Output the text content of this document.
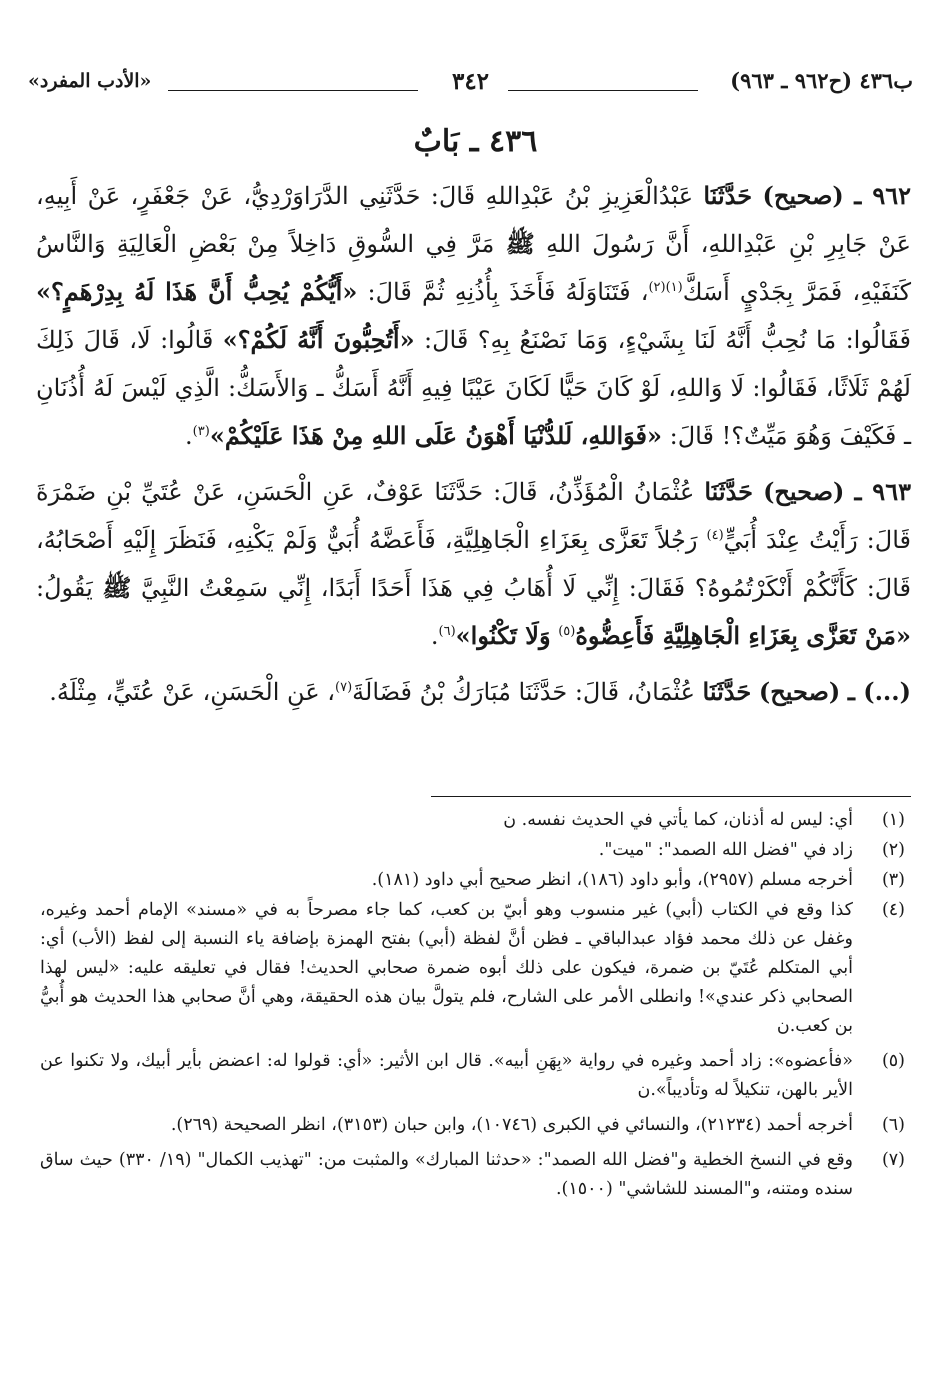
ب٤٣٦ (ح٩٦٢ ـ ٩٦٣)
٣٤٢
«الأدب المفرد»
٤٣٦ ـ بَابٌ

٩٦٢ ـ (صحيح) حَدَّثَنَا عَبْدُالْعَزِيزِ بْنُ عَبْدِاللهِ قَالَ: حَدَّثَنِي الدَّرَاوَرْدِيُّ، عَنْ جَعْفَرٍ، عَنْ أَبِيهِ، عَنْ جَابِرِ بْنِ عَبْدِاللهِ، أَنَّ رَسُولَ اللهِ ﷺ مَرَّ فِي السُّوقِ دَاخِلاً مِنْ بَعْضِ الْعَالِيَةِ وَالنَّاسُ كَنَفَيْهِ، فَمَرَّ بِجَدْيٍ أَسَكَّ$^{(١)(٢)}$، فَتَنَاوَلَهُ فَأَخَذَ بِأُذُنِهِ ثُمَّ قَالَ: «أَيُّكُمْ يُحِبُّ أَنَّ هَذَا لَهُ بِدِرْهَمٍ؟» فَقَالُوا: مَا نُحِبُّ أَنَّهُ لَنَا بِشَيْءٍ، وَمَا نَصْنَعُ بِهِ؟ قَالَ: «أَتُحِبُّونَ أَنَّهُ لَكُمْ؟» قَالُوا: لَا، قَالَ ذَلِكَ لَهُمْ ثَلَاثًا، فَقَالُوا: لَا وَاللهِ، لَوْ كَانَ حَيًّا لَكَانَ عَيْبًا فِيهِ أَنَّهُ أَسَكُّ ـ وَالأَسَكُّ: الَّذِي لَيْسَ لَهُ أُذُنَانِ ـ فَكَيْفَ وَهُوَ مَيِّتٌ؟! قَالَ: «فَوَاللهِ، لَلدُّنْيَا أَهْوَنُ عَلَى اللهِ مِنْ هَذَا عَلَيْكُمْ»$^{(٣)}$.

٩٦٣ ـ (صحيح) حَدَّثَنَا عُثْمَانُ الْمُؤَذِّنُ، قَالَ: حَدَّثَنَا عَوْفٌ، عَنِ الْحَسَنِ، عَنْ عُتَيِّ بْنِ ضَمْرَةَ قَالَ: رَأَيْتُ عِنْدَ أُبَيٍّ$^{(٤)}$ رَجُلاً تَعَزَّى بِعَزَاءِ الْجَاهِلِيَّةِ، فَأَعَضَّهُ أُبَيٌّ وَلَمْ يَكْنِهِ، فَنَظَرَ إِلَيْهِ أَصْحَابُهُ، قَالَ: كَأَنَّكُمْ أَنْكَرْتُمُوهُ؟ فَقَالَ: إِنِّي لَا أُهَابُ فِي هَذَا أَحَدًا أَبَدًا، إِنِّي سَمِعْتُ النَّبِيَّ ﷺ يَقُولُ: «مَنْ تَعَزَّى بِعَزَاءِ الْجَاهِلِيَّةِ فَأَعِضُّوهُ$^{(٥)}$ وَلَا تَكْنُوا»$^{(٦)}$.

(...) ـ (صحيح) حَدَّثَنَا عُثْمَانُ، قَالَ: حَدَّثَنَا مُبَارَكُ بْنُ فَضَالَةَ$^{(٧)}$، عَنِ الْحَسَنِ، عَنْ عُتَيٍّ، مِثْلَهُ.

(١)
أي: ليس له أذنان، كما يأتي في الحديث نفسه. ن
(٢)
زاد في "فضل الله الصمد": "ميت".
(٣)
أخرجه مسلم (٢٩٥٧)، وأبو داود (١٨٦)، انظر صحيح أبي داود (١٨١).
(٤)
كذا وقع في الكتاب (أبي) غير منسوب وهو أبيّ بن كعب، كما جاء مصرحاً به في «مسند» الإمام أحمد وغيره، وغفل عن ذلك محمد فؤاد عبدالباقي ـ فظن أنَّ لفظة (أبي) بفتح الهمزة بإضافة ياء النسبة إلى لفظ (الأب) أي: أبي المتكلم عُتَيّ بن ضمرة، فيكون على ذلك أبوه ضمرة صحابي الحديث! فقال في تعليقه عليه: «ليس لهذا الصحابي ذكر عندي»! وانطلى الأمر على الشارح، فلم يتولَّ بيان هذه الحقيقة، وهي أنَّ صحابي هذا الحديث هو أُبيُّ بن كعب.ن
(٥)
«فأعضوه»: زاد أحمد وغيره في رواية «بِهَنِ أبيه». قال ابن الأثير: «أي: قولوا له: اعضض بأير أبيك، ولا تكنوا عن الأير بالهن، تنكيلاً له وتأديباً».ن
(٦)
أخرجه أحمد (٢١٢٣٤)، والنسائي في الكبرى (١٠٧٤٦)، وابن حبان (٣١٥٣)، انظر الصحيحة (٢٦٩).
(٧)
وقع في النسخ الخطية و"فضل الله الصمد": «حدثنا المبارك» والمثبت من: "تهذيب الكمال" (١٩/ ٣٣٠) حيث ساق سنده ومتنه، و"المسند للشاشي" (١٥٠٠).
